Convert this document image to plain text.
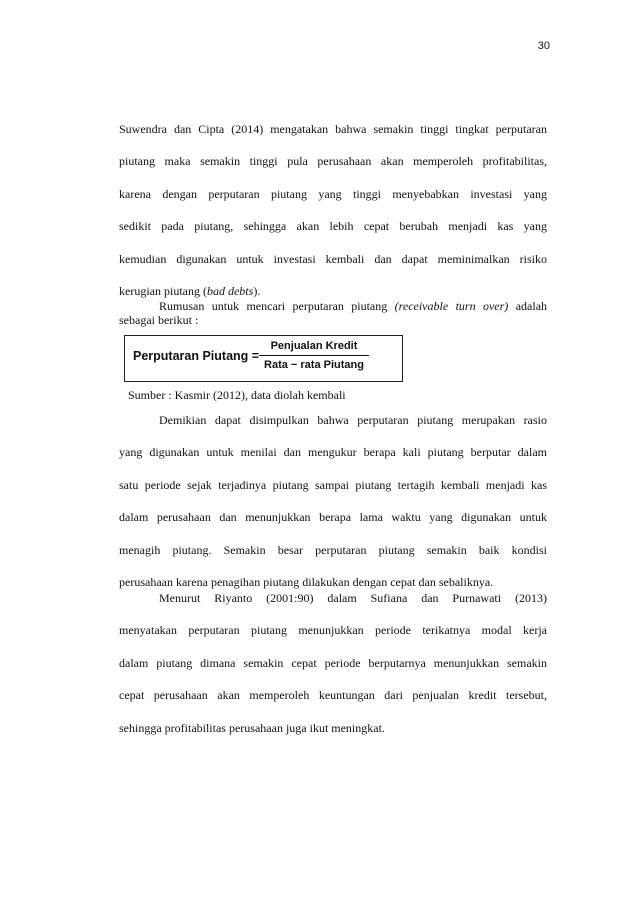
30
Suwendra dan Cipta (2014) mengatakan bahwa semakin tinggi tingkat perputaran
piutang maka semakin tinggi pula perusahaan akan memperoleh profitabilitas,
karena dengan perputaran piutang yang tinggi menyebabkan investasi yang
sedikit pada piutang, sehingga akan lebih cepat berubah menjadi kas yang
kemudian digunakan untuk investasi kembali dan dapat meminimalkan risiko
kerugian piutang (bad debts).
Rumusan untuk mencari perputaran piutang (receivable turn over) adalah
sebagai berikut :
Perputaran Piutang =
Penjualan Kredit
Rata − rata Piutang
Sumber : Kasmir (2012), data diolah kembali
Demikian dapat disimpulkan bahwa perputaran piutang merupakan rasio
yang digunakan untuk menilai dan mengukur berapa kali piutang berputar dalam
satu periode sejak terjadinya piutang sampai piutang tertagih kembali menjadi kas
dalam perusahaan dan menunjukkan berapa lama waktu yang digunakan untuk
menagih piutang. Semakin besar perputaran piutang semakin baik kondisi
perusahaan karena penagihan piutang dilakukan dengan cepat dan sebaliknya.
Menurut Riyanto (2001:90) dalam Sufiana dan Purnawati (2013)
menyatakan perputaran piutang menunjukkan periode terikatnya modal kerja
dalam piutang dimana semakin cepat periode berputarnya menunjukkan semakin
cepat perusahaan akan memperoleh keuntungan dari penjualan kredit tersebut,
sehingga profitabilitas perusahaan juga ikut meningkat.
